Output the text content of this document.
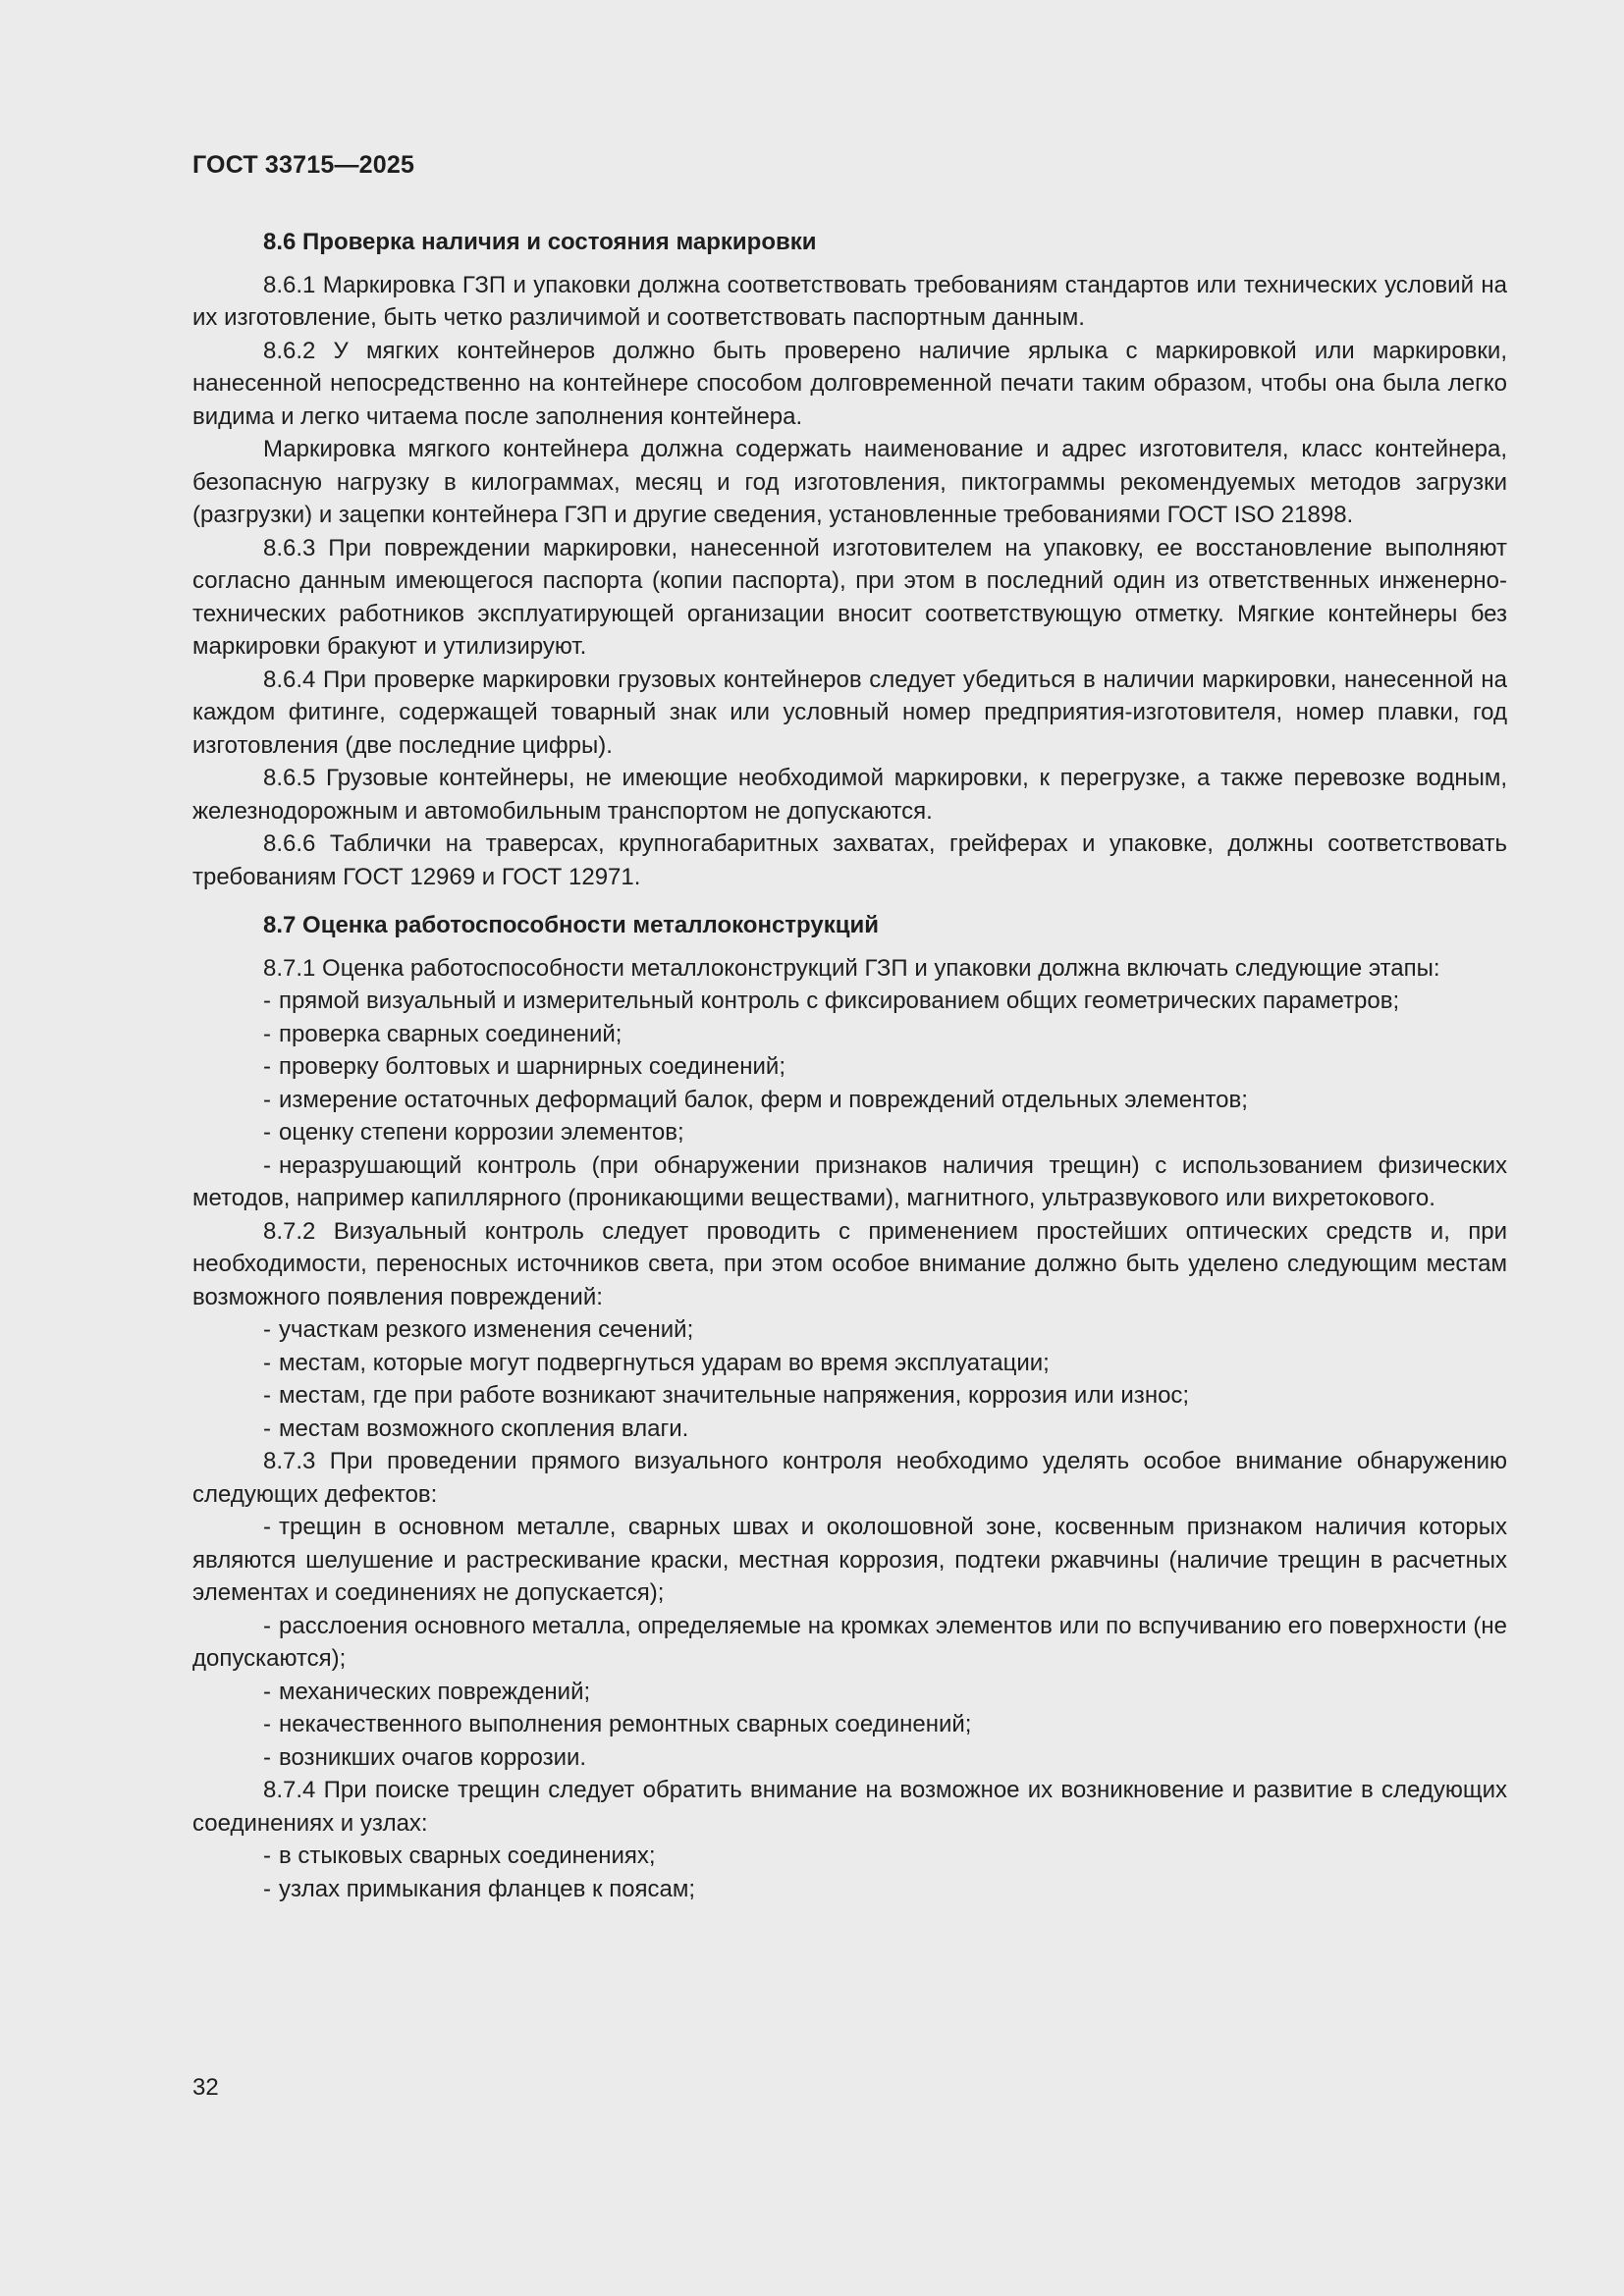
ГОСТ 33715—2025
8.6 Проверка наличия и состояния маркировки

8.6.1 Маркировка ГЗП и упаковки должна соответствовать требованиям стандартов или технических условий на их изготовление, быть четко различимой и соответствовать паспортным данным.

8.6.2 У мягких контейнеров должно быть проверено наличие ярлыка с маркировкой или маркировки, нанесенной непосредственно на контейнере способом долговременной печати таким образом, чтобы она была легко видима и легко читаема после заполнения контейнера.

Маркировка мягкого контейнера должна содержать наименование и адрес изготовителя, класс контейнера, безопасную нагрузку в килограммах, месяц и год изготовления, пиктограммы рекомендуемых методов загрузки (разгрузки) и зацепки контейнера ГЗП и другие сведения, установленные требованиями ГОСТ ISO 21898.

8.6.3 При повреждении маркировки, нанесенной изготовителем на упаковку, ее восстановление выполняют согласно данным имеющегося паспорта (копии паспорта), при этом в последний один из ответственных инженерно-технических работников эксплуатирующей организации вносит соответствующую отметку. Мягкие контейнеры без маркировки бракуют и утилизируют.

8.6.4 При проверке маркировки грузовых контейнеров следует убедиться в наличии маркировки, нанесенной на каждом фитинге, содержащей товарный знак или условный номер предприятия-изготовителя, номер плавки, год изготовления (две последние цифры).

8.6.5 Грузовые контейнеры, не имеющие необходимой маркировки, к перегрузке, а также перевозке водным, железнодорожным и автомобильным транспортом не допускаются.

8.6.6 Таблички на траверсах, крупногабаритных захватах, грейферах и упаковке, должны соответствовать требованиям ГОСТ 12969 и ГОСТ 12971.

8.7 Оценка работоспособности металлоконструкций

8.7.1 Оценка работоспособности металлоконструкций ГЗП и упаковки должна включать следующие этапы:

- прямой визуальный и измерительный контроль с фиксированием общих геометрических параметров;

- проверка сварных соединений;

- проверку болтовых и шарнирных соединений;

- измерение остаточных деформаций балок, ферм и повреждений отдельных элементов;

- оценку степени коррозии элементов;

- неразрушающий контроль (при обнаружении признаков наличия трещин) с использованием физических методов, например капиллярного (проникающими веществами), магнитного, ультразвукового или вихретокового.

8.7.2 Визуальный контроль следует проводить с применением простейших оптических средств и, при необходимости, переносных источников света, при этом особое внимание должно быть уделено следующим местам возможного появления повреждений:

- участкам резкого изменения сечений;

- местам, которые могут подвергнуться ударам во время эксплуатации;

- местам, где при работе возникают значительные напряжения, коррозия или износ;

- местам возможного скопления влаги.

8.7.3 При проведении прямого визуального контроля необходимо уделять особое внимание обнаружению следующих дефектов:

- трещин в основном металле, сварных швах и околошовной зоне, косвенным признаком наличия которых являются шелушение и растрескивание краски, местная коррозия, подтеки ржавчины (наличие трещин в расчетных элементах и соединениях не допускается);

- расслоения основного металла, определяемые на кромках элементов или по вспучиванию его поверхности (не допускаются);

- механических повреждений;

- некачественного выполнения ремонтных сварных соединений;

- возникших очагов коррозии.

8.7.4 При поиске трещин следует обратить внимание на возможное их возникновение и развитие в следующих соединениях и узлах:

- в стыковых сварных соединениях;

- узлах примыкания фланцев к поясам;

32
